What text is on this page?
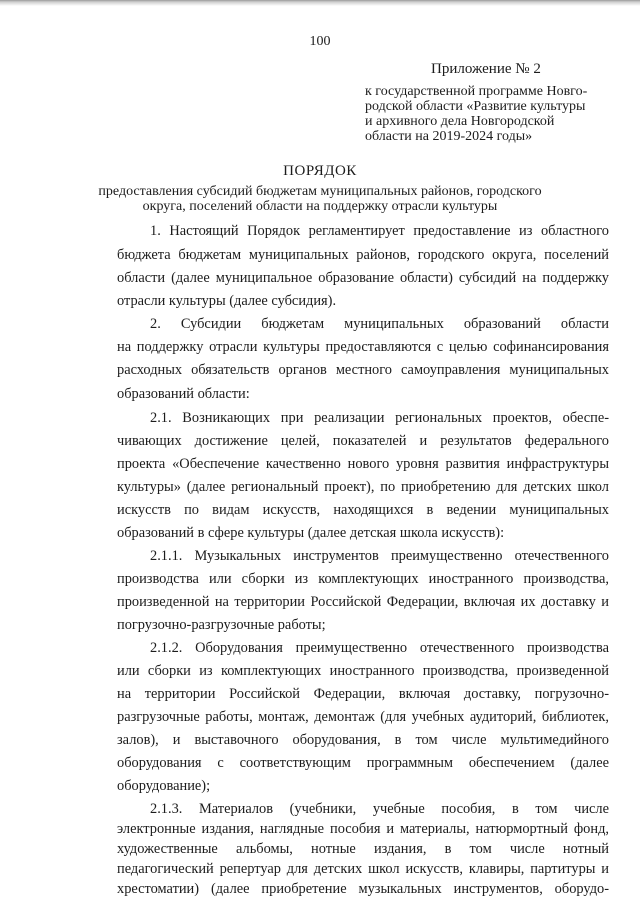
100
Приложение № 2
к государственной программе Новго-
родской области «Развитие культуры
и архивного дела Новгородской
области на 2019-2024 годы»
ПОРЯДОК
предоставления субсидий бюджетам муниципальных районов, городского
округа, поселений области на поддержку отрасли культуры
1. Настоящий Порядок регламентирует предоставление из областного
бюджета бюджетам муниципальных районов, городского округа, поселений
области (далее муниципальное образование области) субсидий на поддержку
отрасли культуры (далее субсидия).
2. Субсидии бюджетам муниципальных образований области
на поддержку отрасли культуры предоставляются с целью софинансирования
расходных обязательств органов местного самоуправления муниципальных
образований области:
2.1. Возникающих при реализации региональных проектов, обеспе-
чивающих достижение целей, показателей и результатов федерального
проекта «Обеспечение качественно нового уровня развития инфраструктуры
культуры» (далее региональный проект), по приобретению для детских школ
искусств по видам искусств, находящихся в ведении муниципальных
образований в сфере культуры (далее детская школа искусств):
2.1.1. Музыкальных инструментов преимущественно отечественного
производства или сборки из комплектующих иностранного производства,
произведенной на территории Российской Федерации, включая их доставку и
погрузочно-разгрузочные работы;
2.1.2. Оборудования преимущественно отечественного производства
или сборки из комплектующих иностранного производства, произведенной
на территории Российской Федерации, включая доставку, погрузочно-
разгрузочные работы, монтаж, демонтаж (для учебных аудиторий, библиотек,
залов), и выставочного оборудования, в том числе мультимедийного
оборудования с соответствующим программным обеспечением (далее
оборудование);
2.1.3. Материалов (учебники, учебные пособия, в том числе
электронные издания, наглядные пособия и материалы, натюрмортный фонд,
художественные альбомы, нотные издания, в том числе нотный
педагогический репертуар для детских школ искусств, клавиры, партитуры и
хрестоматии) (далее приобретение музыкальных инструментов, оборудо-
